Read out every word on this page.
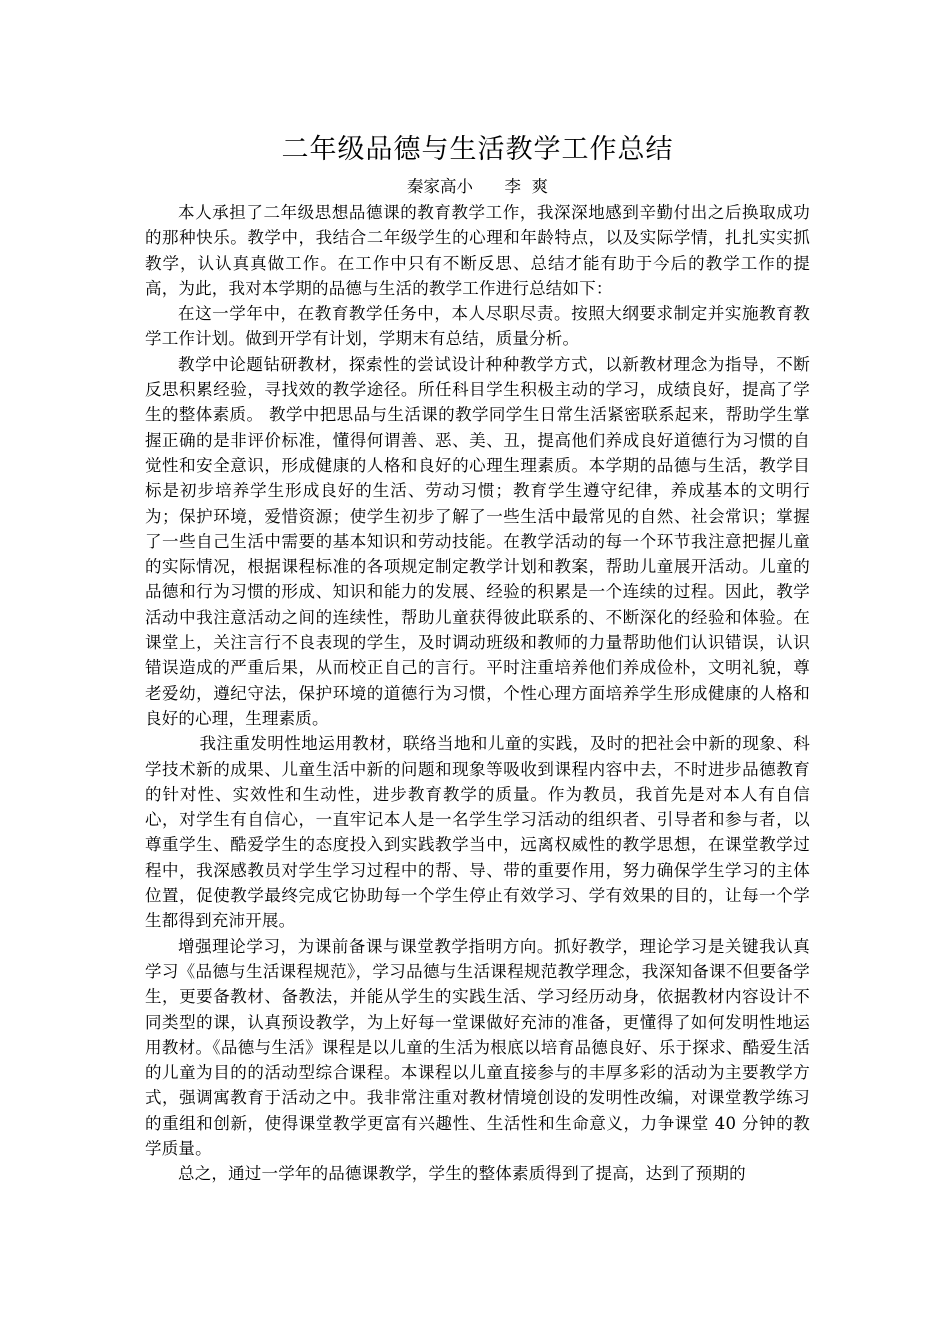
二年级品德与生活教学工作总结
秦家高小      李  爽

本人承担了二年级思想品德课的教育教学工作，我深深地感到辛勤付出之后换取成功的那种快乐。教学中，我结合二年级学生的心理和年龄特点，以及实际学情，扎扎实实抓教学，认认真真做工作。在工作中只有不断反思、总结才能有助于今后的教学工作的提高，为此，我对本学期的品德与生活的教学工作进行总结如下：

在这一学年中，在教育教学任务中，本人尽职尽责。按照大纲要求制定并实施教育教学工作计划。做到开学有计划，学期末有总结，质量分析。

教学中论题钻研教材，探索性的尝试设计种种教学方式，以新教材理念为指导，不断反思积累经验，寻找效的教学途径。所任科目学生积极主动的学习，成绩良好，提高了学生的整体素质。 教学中把思品与生活课的教学同学生日常生活紧密联系起来，帮助学生掌握正确的是非评价标准，懂得何谓善、恶、美、丑，提高他们养成良好道德行为习惯的自觉性和安全意识，形成健康的人格和良好的心理生理素质。本学期的品德与生活，教学目标是初步培养学生形成良好的生活、劳动习惯；教育学生遵守纪律，养成基本的文明行为；保护环境，爱惜资源；使学生初步了解了一些生活中最常见的自然、社会常识；掌握了一些自己生活中需要的基本知识和劳动技能。在教学活动的每一个环节我注意把握儿童的实际情况，根据课程标准的各项规定制定教学计划和教案，帮助儿童展开活动。儿童的品德和行为习惯的形成、知识和能力的发展、经验的积累是一个连续的过程。因此，教学活动中我注意活动之间的连续性，帮助儿童获得彼此联系的、不断深化的经验和体验。在课堂上，关注言行不良表现的学生，及时调动班级和教师的力量帮助他们认识错误，认识错误造成的严重后果，从而校正自己的言行。平时注重培养他们养成俭朴，文明礼貌，尊老爱幼，遵纪守法，保护环境的道德行为习惯，个性心理方面培养学生形成健康的人格和良好的心理，生理素质。

我注重发明性地运用教材，联络当地和儿童的实践，及时的把社会中新的现象、科学技术新的成果、儿童生活中新的问题和现象等吸收到课程内容中去，不时进步品德教育的针对性、实效性和生动性，进步教育教学的质量。作为教员，我首先是对本人有自信心，对学生有自信心，一直牢记本人是一名学生学习活动的组织者、引导者和参与者，以尊重学生、酷爱学生的态度投入到实践教学当中，远离权威性的教学思想，在课堂教学过程中，我深感教员对学生学习过程中的帮、导、带的重要作用，努力确保学生学习的主体位置，促使教学最终完成它协助每一个学生停止有效学习、学有效果的目的，让每一个学生都得到充沛开展。

增强理论学习，为课前备课与课堂教学指明方向。抓好教学，理论学习是关键我认真学习《品德与生活课程规范》，学习品德与生活课程规范教学理念，我深知备课不但要备学生，更要备教材、备教法，并能从学生的实践生活、学习经历动身，依据教材内容设计不同类型的课，认真预设教学，为上好每一堂课做好充沛的准备，更懂得了如何发明性地运用教材。《品德与生活》课程是以儿童的生活为根底以培育品德良好、乐于探求、酷爱生活的儿童为目的的活动型综合课程。本课程以儿童直接参与的丰厚多彩的活动为主要教学方式，强调寓教育于活动之中。我非常注重对教材情境创设的发明性改编，对课堂教学练习的重组和创新，使得课堂教学更富有兴趣性、生活性和生命意义，力争课堂 40 分钟的教学质量。

总之，通过一学年的品德课教学，学生的整体素质得到了提高，达到了预期的
